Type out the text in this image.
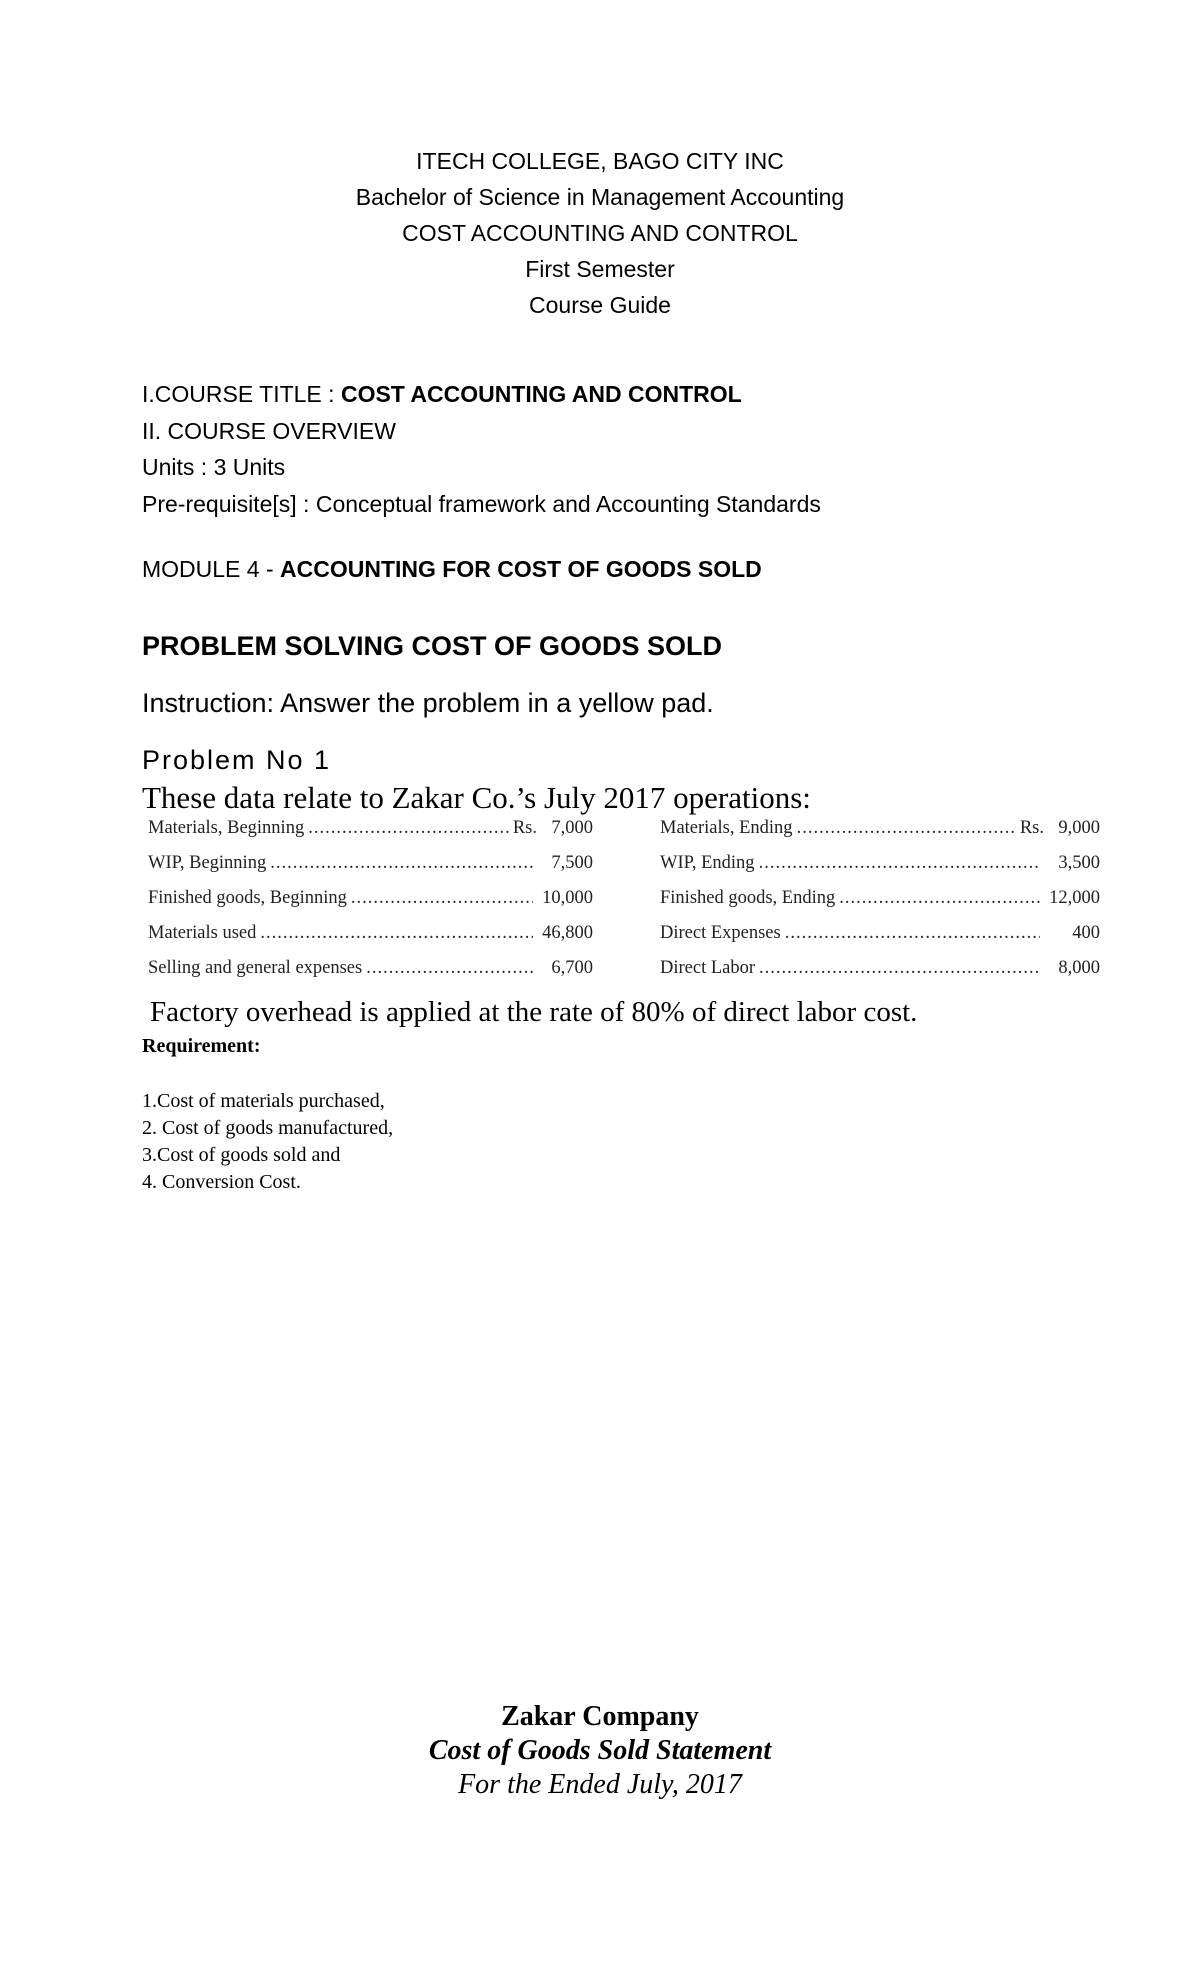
ITECH COLLEGE, BAGO CITY INC
Bachelor of Science in Management Accounting
COST ACCOUNTING AND CONTROL
First Semester
Course Guide
I.COURSE TITLE : COST ACCOUNTING AND CONTROL
II. COURSE OVERVIEW
Units : 3 Units
Pre-requisite[s] : Conceptual framework and Accounting Standards
MODULE 4 - ACCOUNTING FOR COST OF GOODS SOLD
PROBLEM SOLVING COST OF GOODS SOLD
Instruction: Answer the problem in a yellow pad.
Problem No 1
These data relate to Zakar Co.’s July 2017 operations:
Materials, Beginning .....	Rs. 7,000
WIP, Beginning .....	7,500
Finished goods, Beginning .....	10,000
Materials used .....	46,800
Selling and general expenses .....	6,700
Materials, Ending .....	Rs. 9,000
WIP, Ending .....	3,500
Finished goods, Ending .....	12,000
Direct Expenses .....	400
Direct Labor .....	8,000
Factory overhead is applied at the rate of 80% of direct labor cost.
Requirement:
1.Cost of materials purchased,
2. Cost of goods manufactured,
3.Cost of goods sold and
4. Conversion Cost.
Zakar Company
Cost of Goods Sold Statement
For the Ended July, 2017
